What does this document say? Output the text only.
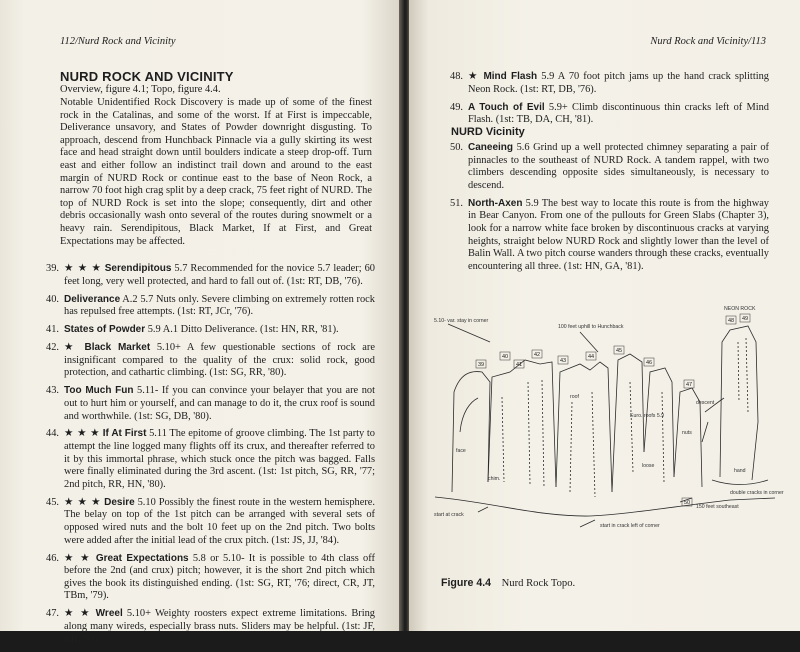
112/Nurd Rock and Vicinity
NURD ROCK AND VICINITY
Overview, figure 4.1; Topo, figure 4.4.
Notable Unidentified Rock Discovery is made up of some of the finest rock in the Catalinas, and some of the worst. If at First is impeccable, Deliverance unsavory, and States of Powder downright disgusting. To approach, descend from Hunchback Pinnacle via a gully skirting its west face and head straight down until boulders indicate a steep drop-off. Turn east and either follow an indistinct trail down and around to the east margin of NURD Rock or continue east to the base of Neon Rock, a narrow 70 foot high crag split by a deep crack, 75 feet right of NURD. The top of NURD Rock is set into the slope; consequently, dirt and other debris occasionally wash onto several of the routes during snowmelt or a heavy rain. Serendipitous, Black Market, If at First, and Great Expectations may be affected.
39. ★ ★ ★ Serendipitous 5.7 Recommended for the novice 5.7 leader; 60 feet long, very well protected, and hard to fall out of. (1st: RT, DB, '76).
40. Deliverance A.2 5.7 Nuts only. Severe climbing on extremely rotten rock has repulsed free attempts. (1st: RT, JCr, '76).
41. States of Powder 5.9 A.1 Ditto Deliverance. (1st: HN, RR, '81).
42. ★ Black Market 5.10+ A few questionable sections of rock are insignificant compared to the quality of the crux: solid rock, good protection, and cathartic climbing. (1st: SG, RR, '80).
43. Too Much Fun 5.11- If you can convince your belayer that you are not out to hurt him or yourself, and can manage to do it, the crux roof is sound and worthwhile. (1st: SG, DB, '80).
44. ★ ★ ★ If At First 5.11 The epitome of groove climbing. The 1st party to attempt the line logged many flights off its crux, and thereafter referred to it by this immortal phrase, which stuck once the pitch was bagged. Falls were finally eliminated during the 3rd ascent. (1st: 1st pitch, SG, RR, '77; 2nd pitch, RR, HN, '80).
45. ★ ★ ★ Desire 5.10 Possibly the finest route in the western hemisphere. The belay on top of the 1st pitch can be arranged with several sets of opposed wired nuts and the bolt 10 feet up on the 2nd pitch. Two bolts were added after the initial lead of the crux pitch. (1st: JS, JJ, '84).
46. ★ ★ Great Expectations 5.8 or 5.10- It is possible to 4th class off before the 2nd (and crux) pitch; however, it is the short 2nd pitch which gives the book its distinguished ending. (1st: SG, RT, '76; direct, CR, JT, TBm, '79).
47. ★ ★ Wreel 5.10+ Weighty roosters expect extreme limitations. Bring along many wireds, especially brass nuts. Sliders may be helpful. (1st: JF, RR, '81).
Nurd Rock and Vicinity/113
48. ★ Mind Flash 5.9 A 70 foot pitch jams up the hand crack splitting Neon Rock. (1st: RT, DB, '76).
49. A Touch of Evil 5.9+ Climb discontinuous thin cracks left of Mind Flash. (1st: TB, DA, CH, '81).
NURD Vicinity
50. Caneeing 5.6 Grind up a well protected chimney separating a pair of pinnacles to the southeast of NURD Rock. A tandem rappel, with two climbers descending opposite sides simultaneously, is necessary to descend.
51. North-Axen 5.9 The best way to locate this route is from the highway in Bear Canyon. From one of the pullouts for Green Slabs (Chapter 3), look for a narrow white face broken by discontinuous cracks at varying heights, straight below NURD Rock and slightly lower than the level of Balin Wall. A two pitch course wanders through these cracks, eventually encountering all three. (1st: HN, GA, '81).
39
40
41
42
43
44
45
46
47
48 49
50
5.10- var. stay in corner
100 feet uphill to Hunchback
NEON ROCK
Euro. roofs 5.9
start in crack left of corner
start at crack
double cracks in corner
150 feet southeast
descent
chim.
loose
face
roof
hand
nuts
Figure 4.4 Nurd Rock Topo.
